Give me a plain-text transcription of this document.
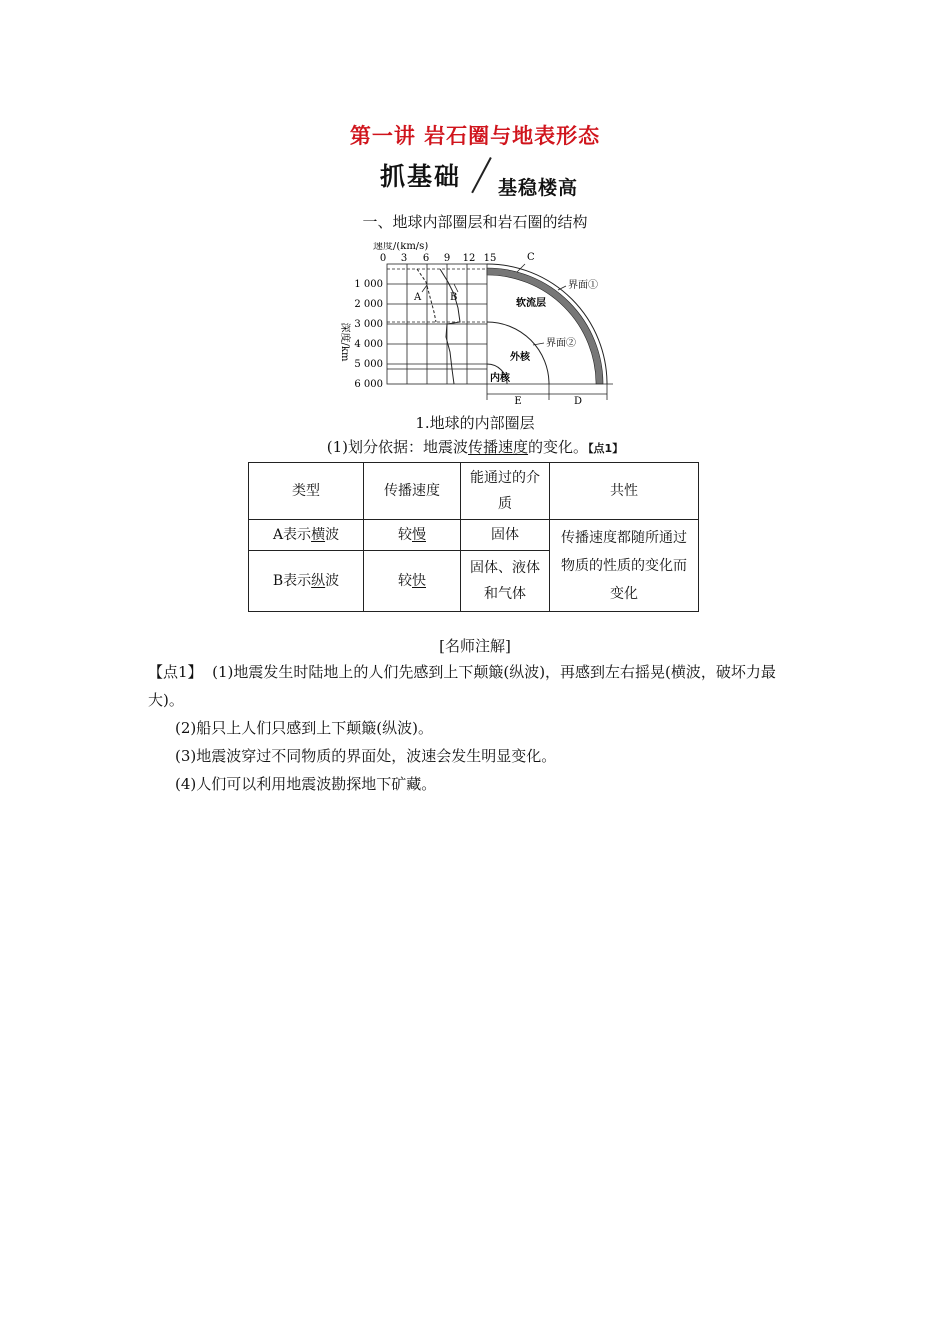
第一讲 岩石圈与地表形态
抓基础 基稳楼高
一、地球内部圈层和岩石圈的结构
速度/(km/s)
0 3 6 9 12 15
A	B
1 000
2 000
3 000
4 000
5 000
6 000
深度/km
C
界面①
软流层
界面②
外核
内核
E	D
1.地球的内部圈层
(1)划分依据：地震波传播速度的变化。【点1】
类型	传播速度	能通过的介质	共性
A表示横波	较慢	固体	传播速度都随所通过物质的性质的变化而变化
B表示纵波	较快	固体、液体和气体	
[名师注解]
【点1】 (1)地震发生时陆地上的人们先感到上下颠簸(纵波)，再感到左右摇晃(横波，破坏力最大)。
(2)船只上人们只感到上下颠簸(纵波)。
(3)地震波穿过不同物质的界面处，波速会发生明显变化。
(4)人们可以利用地震波勘探地下矿藏。
